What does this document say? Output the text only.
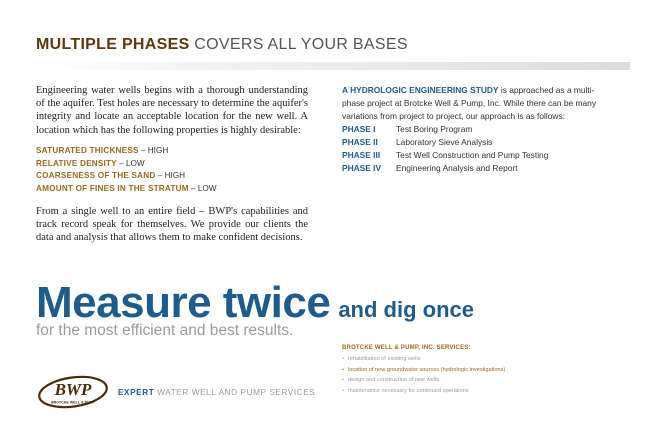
MULTIPLE PHASES COVERS ALL YOUR BASES

Engineering water wells begins with a thorough understanding of the aquifer. Test holes are necessary to determine the aquifer's integrity and locate an acceptable location for the new well. A location which has the following properties is highly desirable:

SATURATED THICKNESS – HIGH
RELATIVE DENSITY – LOW
COARSENESS OF THE SAND – HIGH
AMOUNT OF FINES IN THE STRATUM – LOW

From a single well to an entire field – BWP's capabilities and track record speak for themselves. We provide our clients the data and analysis that allows them to make confident decisions.

A HYDROLOGIC ENGINEERING STUDY is approached as a multi-phase project at Brotcke Well & Pump, Inc. While there can be many variations from project to project, our approach is as follows:

PHASE I	Test Boring Program
PHASE II	Laboratory Sieve Analysis
PHASE III	Test Well Construction and Pump Testing
PHASE IV	Engineering Analysis and Report
Measure twice and dig once
for the most efficient and best results.
BROTCKE WELL & PUMP, INC. SERVICES:
• rehabilitation of existing wells
• location of new groundwater sources (hydrologic investigations)
• design and construction of new wells
• maintenance necessary for continued operations
BWP
BROTCKE WELL & PUMP
EXPERT WATER WELL AND PUMP SERVICES
